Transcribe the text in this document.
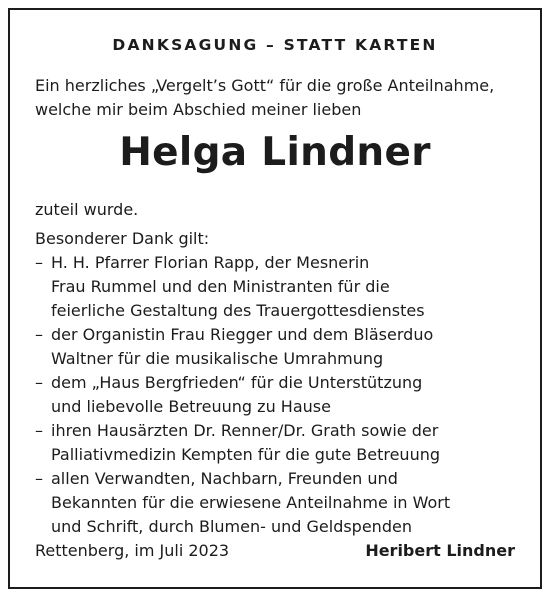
DANKSAGUNG – STATT KARTEN
Ein herzliches „Vergelt’s Gott“ für die große Anteilnahme,
welche mir beim Abschied meiner lieben
Helga Lindner
zuteil wurde.
Besonderer Dank gilt:
– H. H. Pfarrer Florian Rapp, der Mesnerin
Frau Rummel und den Ministranten für die
feierliche Gestaltung des Trauergottesdienstes
– der Organistin Frau Riegger und dem Bläserduo
Waltner für die musikalische Umrahmung
– dem „Haus Bergfrieden“ für die Unterstützung
und liebevolle Betreuung zu Hause
– ihren Hausärzten Dr. Renner/Dr. Grath sowie der
Palliativmedizin Kempten für die gute Betreuung
– allen Verwandten, Nachbarn, Freunden und
Bekannten für die erwiesene Anteilnahme in Wort
und Schrift, durch Blumen- und Geldspenden
Rettenberg, im Juli 2023	Heribert Lindner
